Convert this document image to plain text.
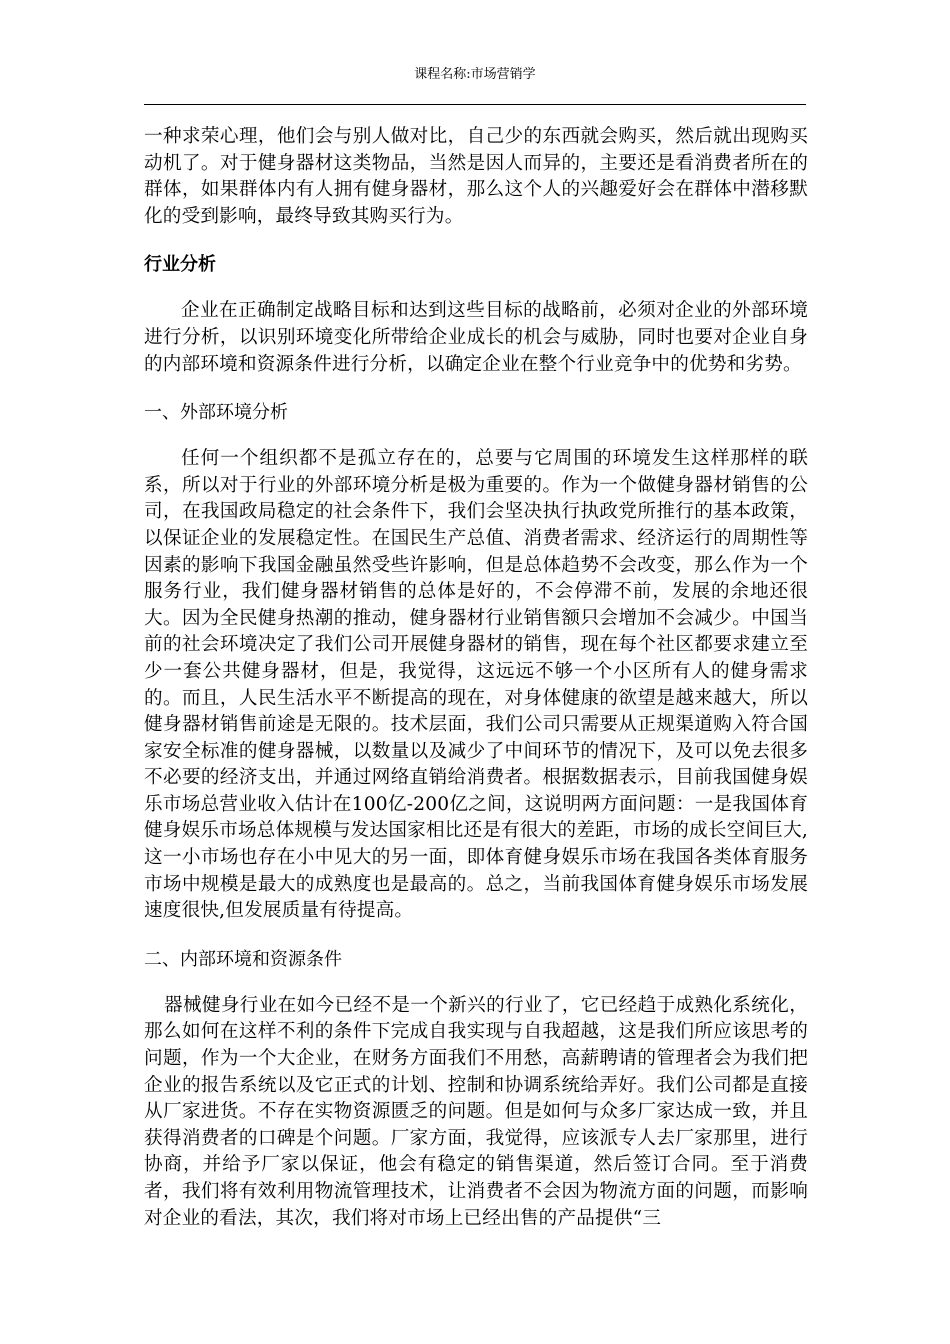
课程名称:市场营销学

一种求荣心理，他们会与别人做对比，自己少的东西就会购买，然后就出现购买动机了。对于健身器材这类物品，当然是因人而异的，主要还是看消费者所在的群体，如果群体内有人拥有健身器材，那么这个人的兴趣爱好会在群体中潜移默化的受到影响，最终导致其购买行为。

行业分析

企业在正确制定战略目标和达到这些目标的战略前，必须对企业的外部环境进行分析，以识别环境变化所带给企业成长的机会与威胁，同时也要对企业自身的内部环境和资源条件进行分析，以确定企业在整个行业竞争中的优势和劣势。

一、外部环境分析

任何一个组织都不是孤立存在的，总要与它周围的环境发生这样那样的联系，所以对于行业的外部环境分析是极为重要的。作为一个做健身器材销售的公司，在我国政局稳定的社会条件下，我们会坚决执行执政党所推行的基本政策，以保证企业的发展稳定性。在国民生产总值、消费者需求、经济运行的周期性等因素的影响下我国金融虽然受些许影响，但是总体趋势不会改变，那么作为一个服务行业，我们健身器材销售的总体是好的，不会停滞不前，发展的余地还很大。因为全民健身热潮的推动，健身器材行业销售额只会增加不会减少。中国当前的社会环境决定了我们公司开展健身器材的销售，现在每个社区都要求建立至少一套公共健身器材，但是，我觉得，这远远不够一个小区所有人的健身需求的。而且，人民生活水平不断提高的现在，对身体健康的欲望是越来越大，所以健身器材销售前途是无限的。技术层面，我们公司只需要从正规渠道购入符合国家安全标准的健身器械，以数量以及减少了中间环节的情况下，及可以免去很多不必要的经济支出，并通过网络直销给消费者。根据数据表示，目前我国健身娱乐市场总营业收入估计在100亿-200亿之间，这说明两方面问题：一是我国体育健身娱乐市场总体规模与发达国家相比还是有很大的差距，市场的成长空间巨大,这一小市场也存在小中见大的另一面，即体育健身娱乐市场在我国各类体育服务市场中规模是最大的成熟度也是最高的。总之，当前我国体育健身娱乐市场发展速度很快,但发展质量有待提高。

二、内部环境和资源条件

器械健身行业在如今已经不是一个新兴的行业了，它已经趋于成熟化系统化，那么如何在这样不利的条件下完成自我实现与自我超越，这是我们所应该思考的问题，作为一个大企业，在财务方面我们不用愁，高薪聘请的管理者会为我们把企业的报告系统以及它正式的计划、控制和协调系统给弄好。我们公司都是直接从厂家进货。不存在实物资源匮乏的问题。但是如何与众多厂家达成一致，并且获得消费者的口碑是个问题。厂家方面，我觉得，应该派专人去厂家那里，进行协商，并给予厂家以保证，他会有稳定的销售渠道，然后签订合同。至于消费者，我们将有效利用物流管理技术，让消费者不会因为物流方面的问题，而影响对企业的看法，其次，我们将对市场上已经出售的产品提供“三
